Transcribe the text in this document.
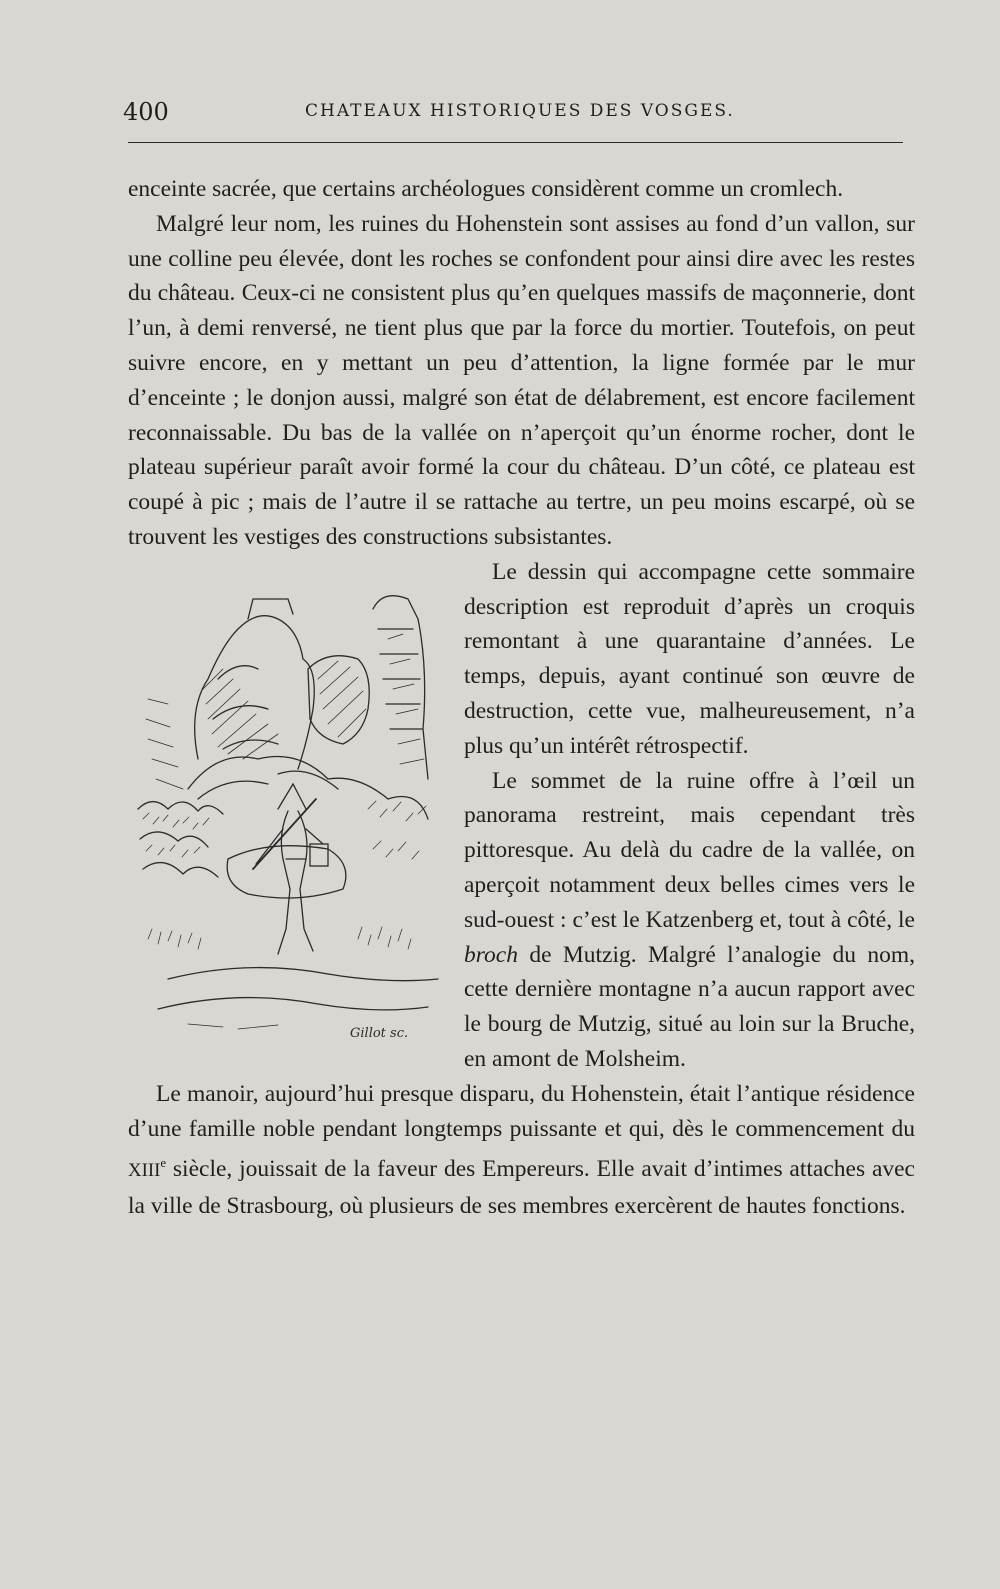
400	CHATEAUX HISTORIQUES DES VOSGES.

enceinte sacrée, que certains archéologues considèrent comme un cromlech.

Malgré leur nom, les ruines du Hohenstein sont assises au fond d’un vallon, sur une colline peu élevée, dont les roches se confondent pour ainsi dire avec les restes du château. Ceux-ci ne consistent plus qu’en quelques massifs de maçonnerie, dont l’un, à demi renversé, ne tient plus que par la force du mortier. Toutefois, on peut suivre encore, en y mettant un peu d’attention, la ligne formée par le mur d’enceinte ; le donjon aussi, malgré son état de délabrement, est encore facilement reconnaissable. Du bas de la vallée on n’aperçoit qu’un énorme rocher, dont le plateau supérieur paraît avoir formé la cour du château. D’un côté, ce plateau est coupé à pic ; mais de l’autre il se rattache au tertre, un peu moins escarpé, où se trouvent les vestiges des constructions subsistantes.

Gillot sc.

Le dessin qui accompagne cette sommaire description est reproduit d’après un croquis remontant à une quarantaine d’années. Le temps, depuis, ayant continué son œuvre de destruction, cette vue, malheureusement, n’a plus qu’un intérêt rétrospectif.

Le sommet de la ruine offre à l’œil un panorama restreint, mais cependant très pittoresque. Au delà du cadre de la vallée, on aperçoit notamment deux belles cimes vers le sud-ouest : c’est le Katzenberg et, tout à côté, le broch de Mutzig. Malgré l’analogie du nom, cette dernière montagne n’a aucun rapport avec le bourg de Mutzig, situé au loin sur la Bruche, en amont de Molsheim.

Le manoir, aujourd’hui presque disparu, du Hohenstein, était l’antique résidence d’une famille noble pendant longtemps puissante et qui, dès le commencement du XIIIe siècle, jouissait de la faveur des Empereurs. Elle avait d’intimes attaches avec la ville de Strasbourg, où plusieurs de ses membres exercèrent de hautes fonctions.
